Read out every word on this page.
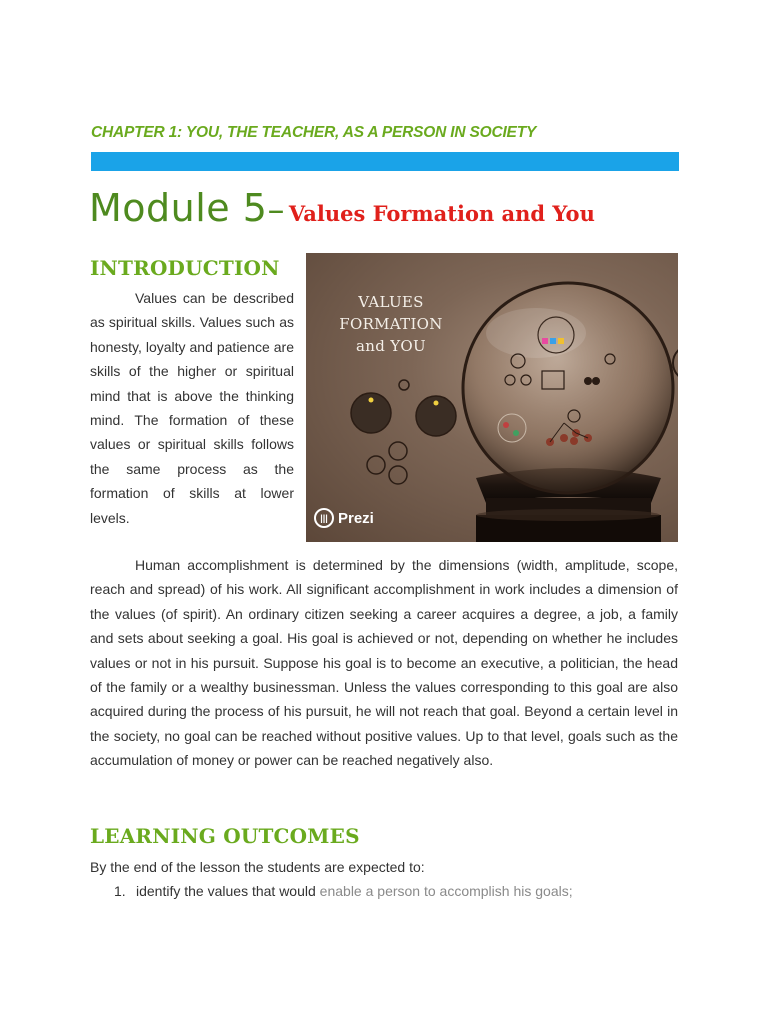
CHAPTER 1: YOU, THE TEACHER, AS A PERSON IN SOCIETY
Module 5– Values Formation and You
INTRODUCTION

Values can be described as spiritual skills. Values such as honesty, loyalty and patience are skills of the higher or spiritual mind that is above the thinking mind. The formation of these values or spiritual skills follows the same process as the formation of skills at lower levels.

VALUES FORMATION
and YOU
||| Prezi

Human accomplishment is determined by the dimensions (width, amplitude, scope, reach and spread) of his work. All significant accomplishment in work includes a dimension of the values (of spirit). An ordinary citizen seeking a career acquires a degree, a job, a family and sets about seeking a goal. His goal is achieved or not, depending on whether he includes values or not in his pursuit. Suppose his goal is to become an executive, a politician, the head of the family or a wealthy businessman. Unless the values corresponding to this goal are also acquired during the process of his pursuit, he will not reach that goal. Beyond a certain level in the society, no goal can be reached without positive values. Up to that level, goals such as the accumulation of money or power can be reached negatively also.

LEARNING OUTCOMES
By the end of the lesson the students are expected to:
1. identify the values that would enable a person to accomplish his goals;
